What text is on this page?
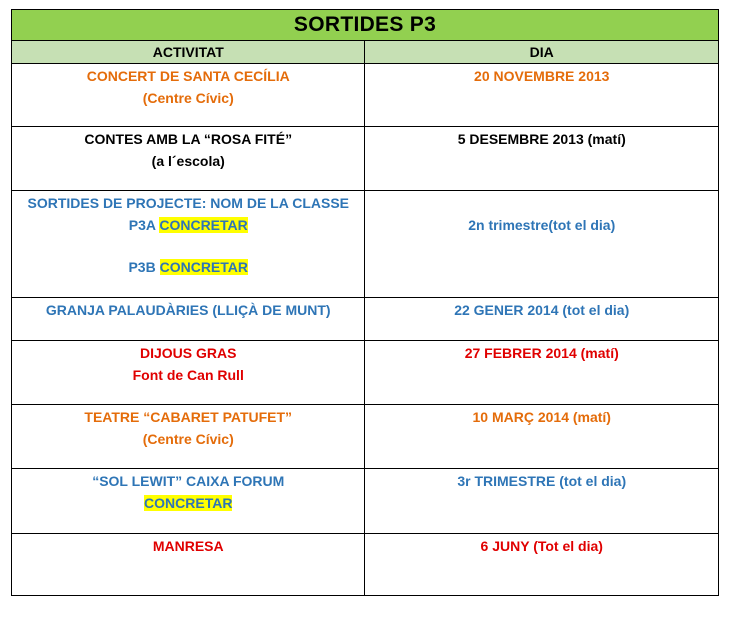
SORTIDES P3	
ACTIVITAT	DIA

CONCERT DE SANTA CECÍLIA
(Centre Cívic)	20 NOVEMBRE 2013

CONTES AMB LA “ROSA FITÉ”
(a l´escola)	5 DESEMBRE 2013 (matí)

SORTIDES DE PROJECTE: NOM DE LA CLASSE
P3A CONCRETAR
P3B CONCRETAR	2n trimestre(tot el dia)

GRANJA PALAUDÀRIES (LLIÇÀ DE MUNT)	22 GENER 2014 (tot el dia)

DIJOUS GRAS
Font de Can Rull	27 FEBRER 2014 (matí)

TEATRE “CABARET PATUFET”
(Centre Cívic)	10 MARÇ 2014 (matí)

“SOL LEWIT” CAIXA FORUM
CONCRETAR	3r TRIMESTRE (tot el dia)

MANRESA	6 JUNY (Tot el dia)
